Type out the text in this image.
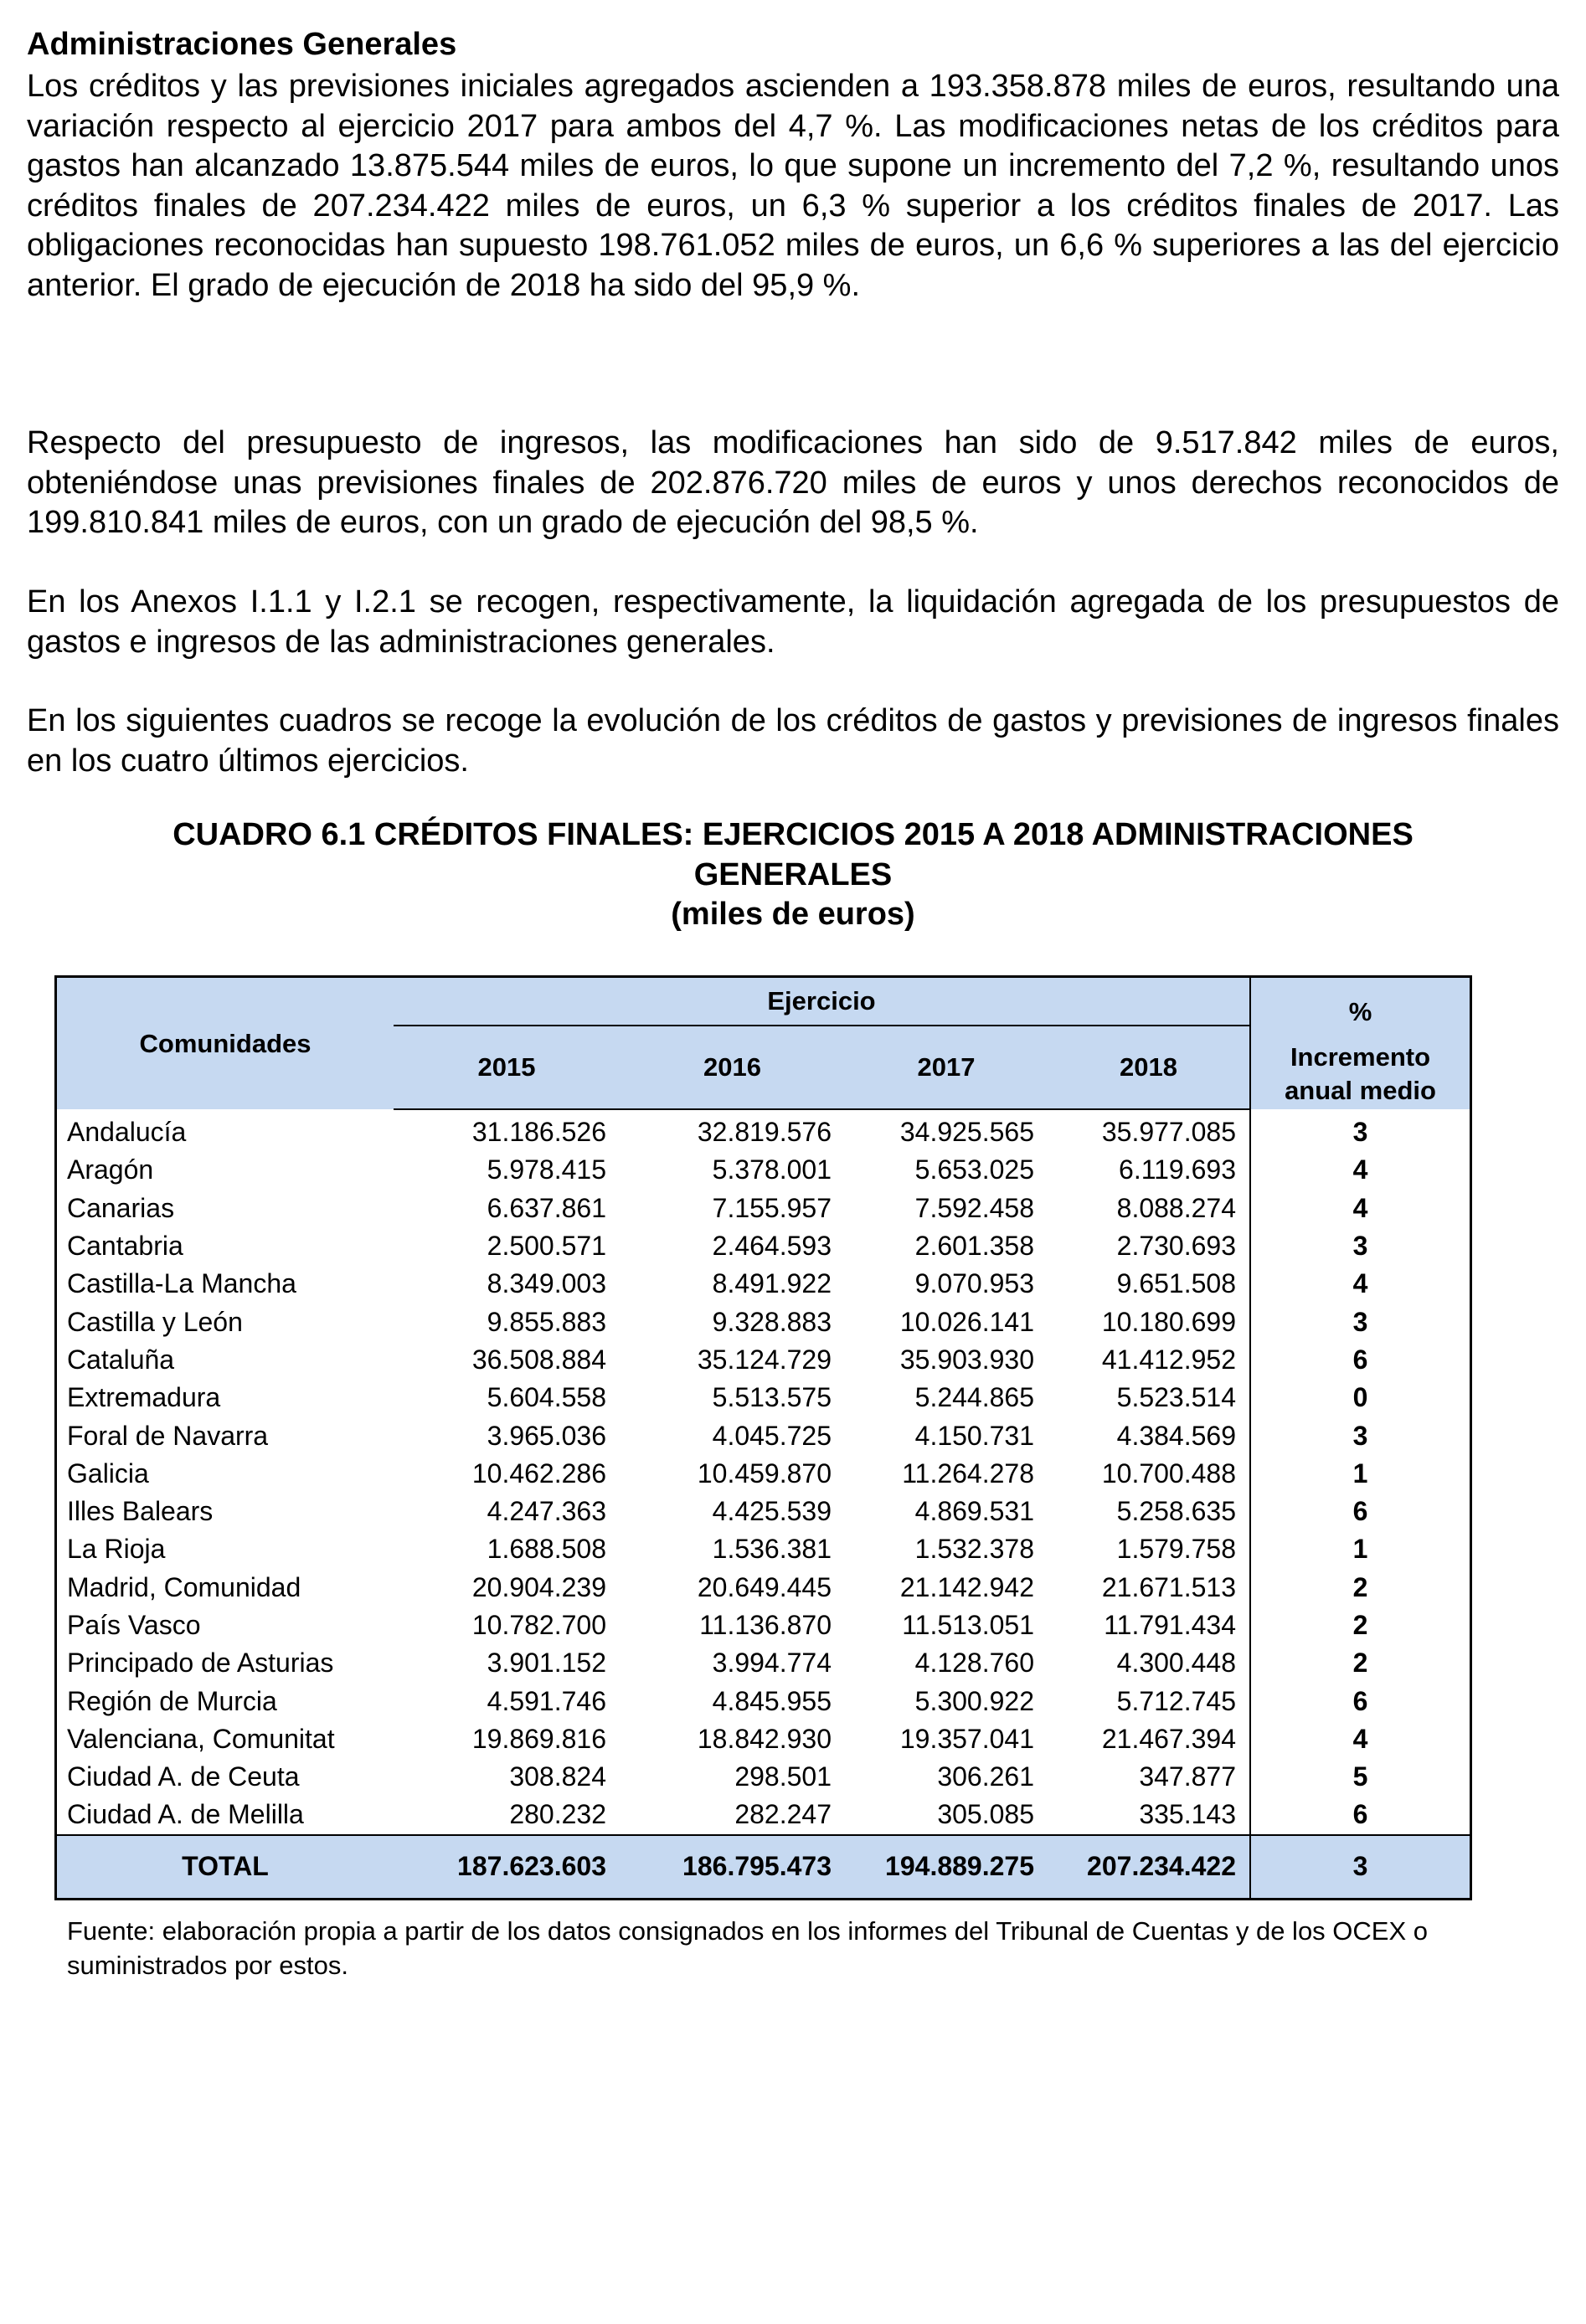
Administraciones Generales

Los créditos y las previsiones iniciales agregados ascienden a 193.358.878 miles de euros, resultando una variación respecto al ejercicio 2017 para ambos del 4,7 %. Las modificaciones netas de los créditos para gastos han alcanzado 13.875.544 miles de euros, lo que supone un incremento del 7,2 %, resultando unos créditos finales de 207.234.422 miles de euros, un 6,3 % superior a los créditos finales de 2017. Las obligaciones reconocidas han supuesto 198.761.052 miles de euros, un 6,6 % superiores a las del ejercicio anterior. El grado de ejecución de 2018 ha sido del 95,9 %.

Respecto del presupuesto de ingresos, las modificaciones han sido de 9.517.842 miles de euros, obteniéndose unas previsiones finales de 202.876.720 miles de euros y unos derechos reconocidos de 199.810.841 miles de euros, con un grado de ejecución del 98,5 %.

En los Anexos I.1.1 y I.2.1 se recogen, respectivamente, la liquidación agregada de los presupuestos de gastos e ingresos de las administraciones generales.

En los siguientes cuadros se recoge la evolución de los créditos de gastos y previsiones de ingresos finales en los cuatro últimos ejercicios.

CUADRO 6.1 CRÉDITOS FINALES: EJERCICIOS 2015 A 2018 ADMINISTRACIONES
GENERALES
(miles de euros)
Comunidades	Ejercicio				%
Incremento
anual medio

	2015	2016	2017	2018	
Andalucía	31.186.526	32.819.576	34.925.565	35.977.085	3
Aragón	5.978.415	5.378.001	5.653.025	6.119.693	4
Canarias	6.637.861	7.155.957	7.592.458	8.088.274	4
Cantabria	2.500.571	2.464.593	2.601.358	2.730.693	3
Castilla-La Mancha	8.349.003	8.491.922	9.070.953	9.651.508	4
Castilla y León	9.855.883	9.328.883	10.026.141	10.180.699	3
Cataluña	36.508.884	35.124.729	35.903.930	41.412.952	6
Extremadura	5.604.558	5.513.575	5.244.865	5.523.514	0
Foral de Navarra	3.965.036	4.045.725	4.150.731	4.384.569	3
Galicia	10.462.286	10.459.870	11.264.278	10.700.488	1
Illes Balears	4.247.363	4.425.539	4.869.531	5.258.635	6
La Rioja	1.688.508	1.536.381	1.532.378	1.579.758	1
Madrid, Comunidad	20.904.239	20.649.445	21.142.942	21.671.513	2
País Vasco	10.782.700	11.136.870	11.513.051	11.791.434	2
Principado de Asturias	3.901.152	3.994.774	4.128.760	4.300.448	2
Región de Murcia	4.591.746	4.845.955	5.300.922	5.712.745	6
Valenciana, Comunitat	19.869.816	18.842.930	19.357.041	21.467.394	4
Ciudad A. de Ceuta	308.824	298.501	306.261	347.877	5
Ciudad A. de Melilla	280.232	282.247	305.085	335.143	6
TOTAL	187.623.603	186.795.473	194.889.275	207.234.422	3
Fuente: elaboración propia a partir de los datos consignados en los informes del Tribunal de Cuentas y de los OCEX o suministrados por estos.
